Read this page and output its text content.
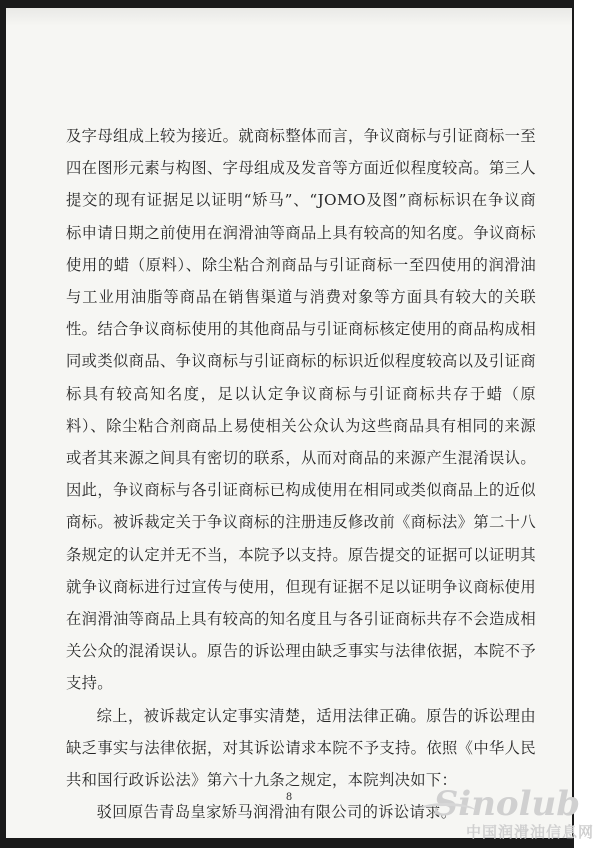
及字母组成上较为接近。就商标整体而言，争议商标与引证商标一至四在图形元素与构图、字母组成及发音等方面近似程度较高。第三人提交的现有证据足以证明“矫马”、“JOMO及图”商标标识在争议商标申请日期之前使用在润滑油等商品上具有较高的知名度。争议商标使用的蜡（原料）、除尘粘合剂商品与引证商标一至四使用的润滑油与工业用油脂等商品在销售渠道与消费对象等方面具有较大的关联性。结合争议商标使用的其他商品与引证商标核定使用的商品构成相同或类似商品、争议商标与引证商标的标识近似程度较高以及引证商标具有较高知名度，足以认定争议商标与引证商标共存于蜡（原料）、除尘粘合剂商品上易使相关公众认为这些商品具有相同的来源或者其来源之间具有密切的联系，从而对商品的来源产生混淆误认。因此，争议商标与各引证商标已构成使用在相同或类似商品上的近似商标。被诉裁定关于争议商标的注册违反修改前《商标法》第二十八条规定的认定并无不当，本院予以支持。原告提交的证据可以证明其就争议商标进行过宣传与使用，但现有证据不足以证明争议商标使用在润滑油等商品上具有较高的知名度且与各引证商标共存不会造成相关公众的混淆误认。原告的诉讼理由缺乏事实与法律依据，本院不予支持。

综上，被诉裁定认定事实清楚，适用法律正确。原告的诉讼理由缺乏事实与法律依据，对其诉讼请求本院不予支持。依照《中华人民共和国行政诉讼法》第六十九条之规定，本院判决如下：

驳回原告青岛皇家矫马润滑油有限公司的诉讼请求。

8	Sinolub
中国润滑油信息网
